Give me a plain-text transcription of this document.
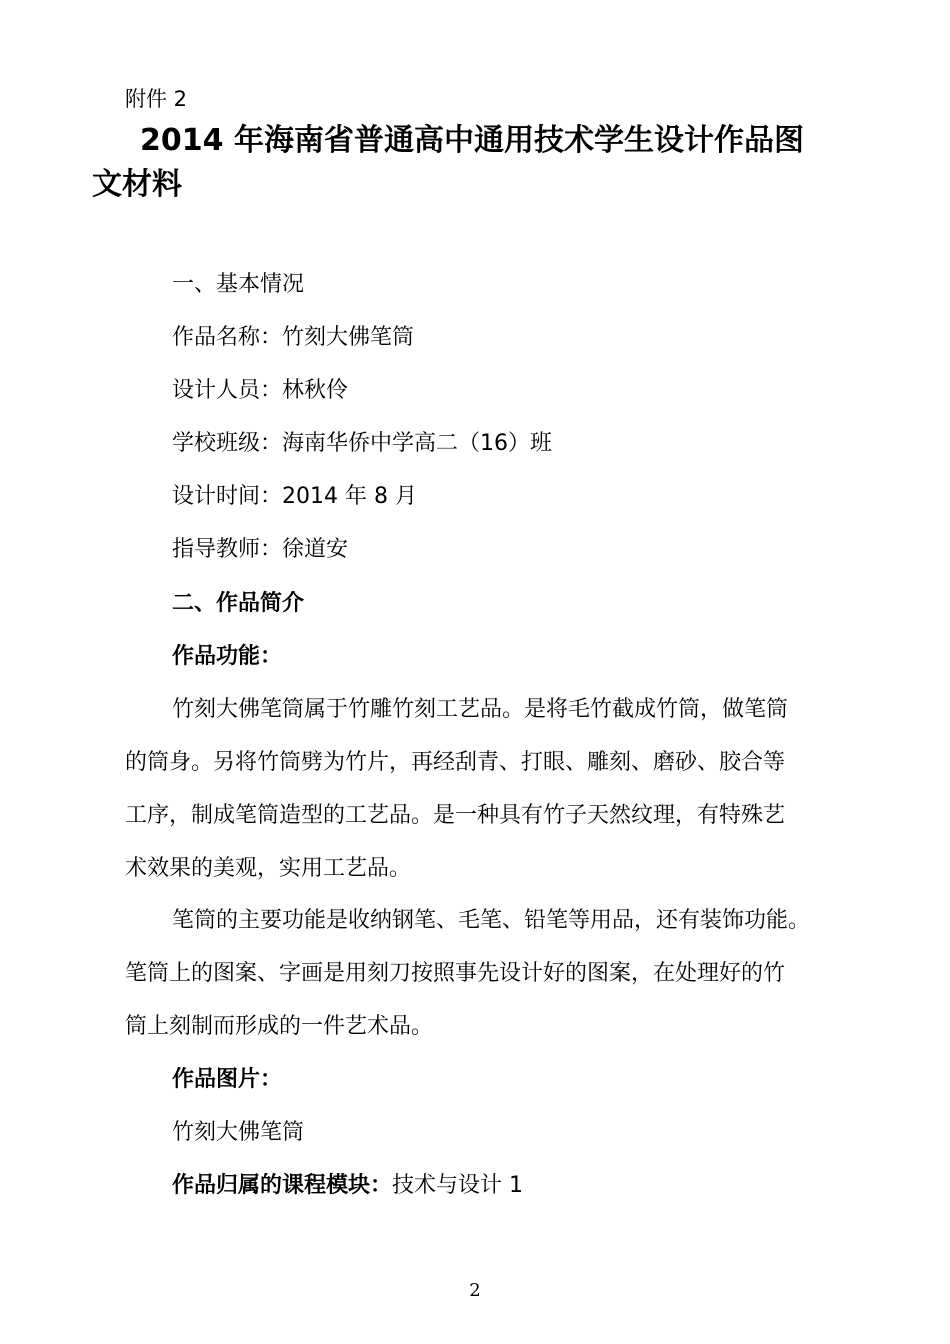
附件 2
2014 年海南省普通高中通用技术学生设计作品图
文材料
一、基本情况
作品名称：竹刻大佛笔筒
设计人员：林秋伶
学校班级：海南华侨中学高二（16）班
设计时间：2014 年 8 月
指导教师：徐道安
二、作品简介
作品功能：
竹刻大佛笔筒属于竹雕竹刻工艺品。是将毛竹截成竹筒，做笔筒
的筒身。另将竹筒劈为竹片，再经刮青、打眼、雕刻、磨砂、胶合等
工序，制成笔筒造型的工艺品。是一种具有竹子天然纹理，有特殊艺
术效果的美观，实用工艺品。
笔筒的主要功能是收纳钢笔、毛笔、铅笔等用品，还有装饰功能。
笔筒上的图案、字画是用刻刀按照事先设计好的图案，在处理好的竹
筒上刻制而形成的一件艺术品。
作品图片：
竹刻大佛笔筒
作品归属的课程模块：技术与设计 1
2
